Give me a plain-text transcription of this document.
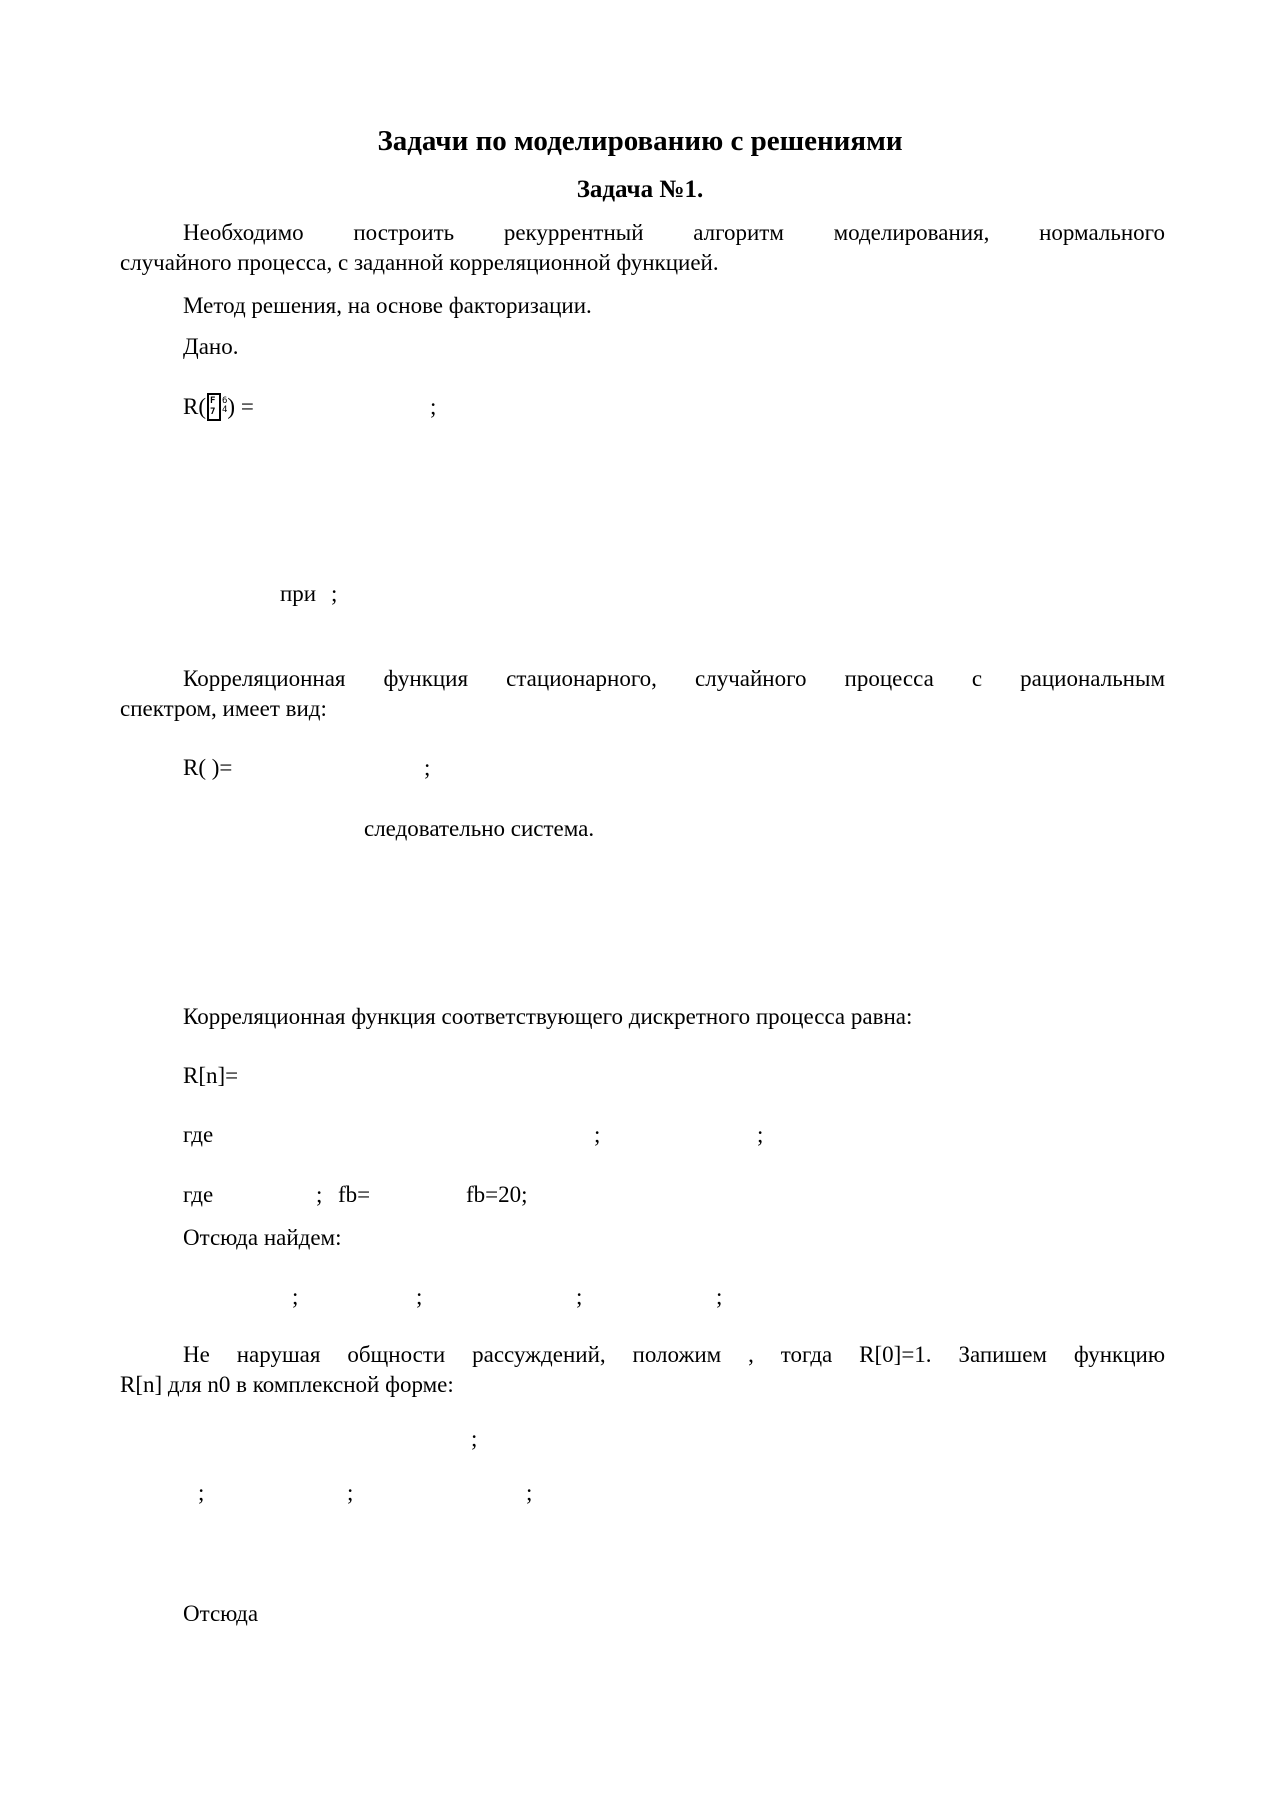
Задачи по моделированию с решениями
Задача №1.
Необходимо построить рекуррентный алгоритм моделирования, нормального
случайного процесса, с заданной корреляционной функцией.
Метод решения, на основе факторизации.
Дано.
R( F
7
6
4) =	;
при ;
Корреляционная функция стационарного, случайного процесса с рациональным
спектром, имеет вид:
R( )=	;
следовательно система.
Корреляционная функция соответствующего дискретного процесса равна:
R[n]=
где	;	;
где	; fb=	fb=20;
Отсюда найдем:
;	;	;	;
Не нарушая общности рассуждений, положим , тогда R[0]=1. Запишем функцию
R[n] для n0 в комплексной форме:
;
;	;	;
Отсюда
